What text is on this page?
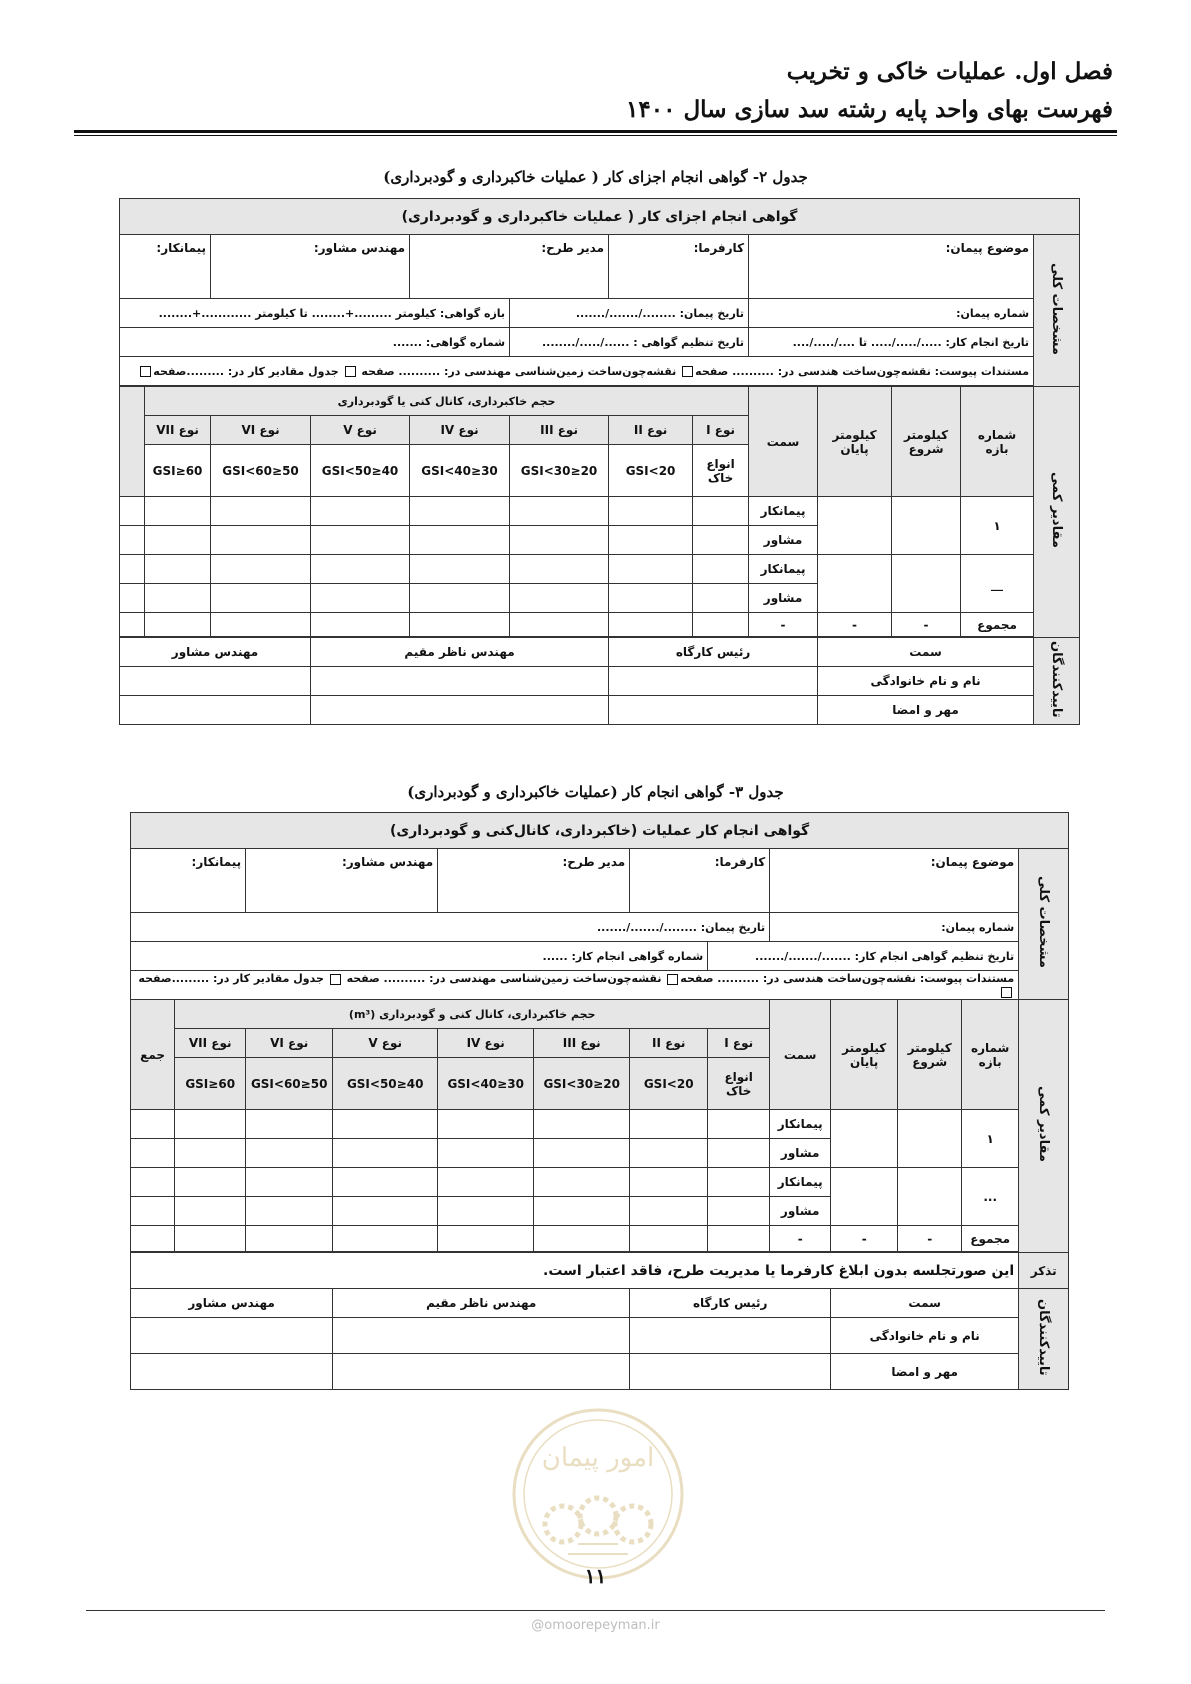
فصل اول. عملیات خاکی و تخریب
فهرست بهای واحد پایه رشته سد سازی سال ۱۴۰۰
جدول ۲- گواهی انجام اجزای کار ( عملیات خاکبرداری و گودبرداری)
گواهی انجام اجزای کار ( عملیات خاکبرداری و گودبرداری)												
مشخصات کلی	موضوع پیمان:				کارفرما:		مدیر طرح:		مهندس مشاور:		پیمانکار:	
	شماره پیمان:				تاریخ پیمان: ......../......./.......			بازه گواهی: کیلومتر .........+........ تا کیلومتر ............+........				
	تاریخ انجام کار: ...../...../..... تا ..../...../....				تاریخ تنظیم گواهی : ....../...../........			شماره گواهی: .......				
	مستندات پیوست: نقشه‌چون‌ساخت هندسی در: .......... صفحه نقشه‌چون‌ساخت زمین‌شناسی مهندسی در: .......... صفحه  جدول مقادیر کار در: .........صفحه											

مقادیر کمی	شماره بازه	کیلومتر شروع	کیلومتر پایان	سمت	حجم خاکبرداری، کانال کنی یا گودبرداری							
					نوع I	نوع II	نوع III	نوع IV	نوع V	نوع VI	نوع VII	
					انواع خاک	GSI<20	20≤GSI<30	30≤GSI<40	40≤GSI<50	50≤GSI<60	60≤GSI	
	۱			پیمانکار								
				مشاور								
	__			پیمانکار								
				مشاور								
	مجموع	-	-	-								

تایید‌کنندگان	سمت			رئیس کارگاه			مهندس ناظر مقیم			مهندس مشاور		
	نام و نام خانوادگی											
	مهر و امضا											
جدول ۳- گواهی انجام کار (عملیات خاکبرداری و گودبرداری)
گواهی انجام کار عملیات (خاکبرداری، کانال‌کنی و گودبرداری)												
مشخصات کلی	موضوع پیمان:				کارفرما:		مدیر طرح:		مهندس مشاور:		پیمانکار:	
	شماره پیمان:				تاریخ پیمان: ......../......./.......							
	تاریخ تنظیم گواهی انجام کار: ......./......./.......					شماره گواهی انجام کار: ......						
	مستندات پیوست: نقشه‌چون‌ساخت هندسی در: .......... صفحه نقشه‌چون‌ساخت زمین‌شناسی مهندسی در: .......... صفحه  جدول مقادیر کار در: .........صفحه											
مقادیر کمی	شماره بازه	کیلومتر شروع	کیلومتر پایان	سمت	حجم خاکبرداری، کانال کنی و گودبرداری (m³)							جمع
					نوع I	نوع II	نوع III	نوع IV	نوع V	نوع VI	نوع VII	
					انواع خاک	GSI<20	20≤GSI<30	30≤GSI<40	40≤GSI<50	50≤GSI<60	60≤GSI	
	۱			پیمانکار								
				مشاور								
	...			پیمانکار								
				مشاور								
	مجموع	-	-	-								

تذکر	این صورتجلسه بدون ابلاغ کارفرما یا مدیریت طرح، فاقد اعتبار است.											
تایید‌کنندگان	سمت			رئیس کارگاه			مهندس ناظر مقیم			مهندس مشاور		
	نام و نام خانوادگی											
	مهر و امضا											
امور پیمان
۱۱
@omoorepeyman.ir
